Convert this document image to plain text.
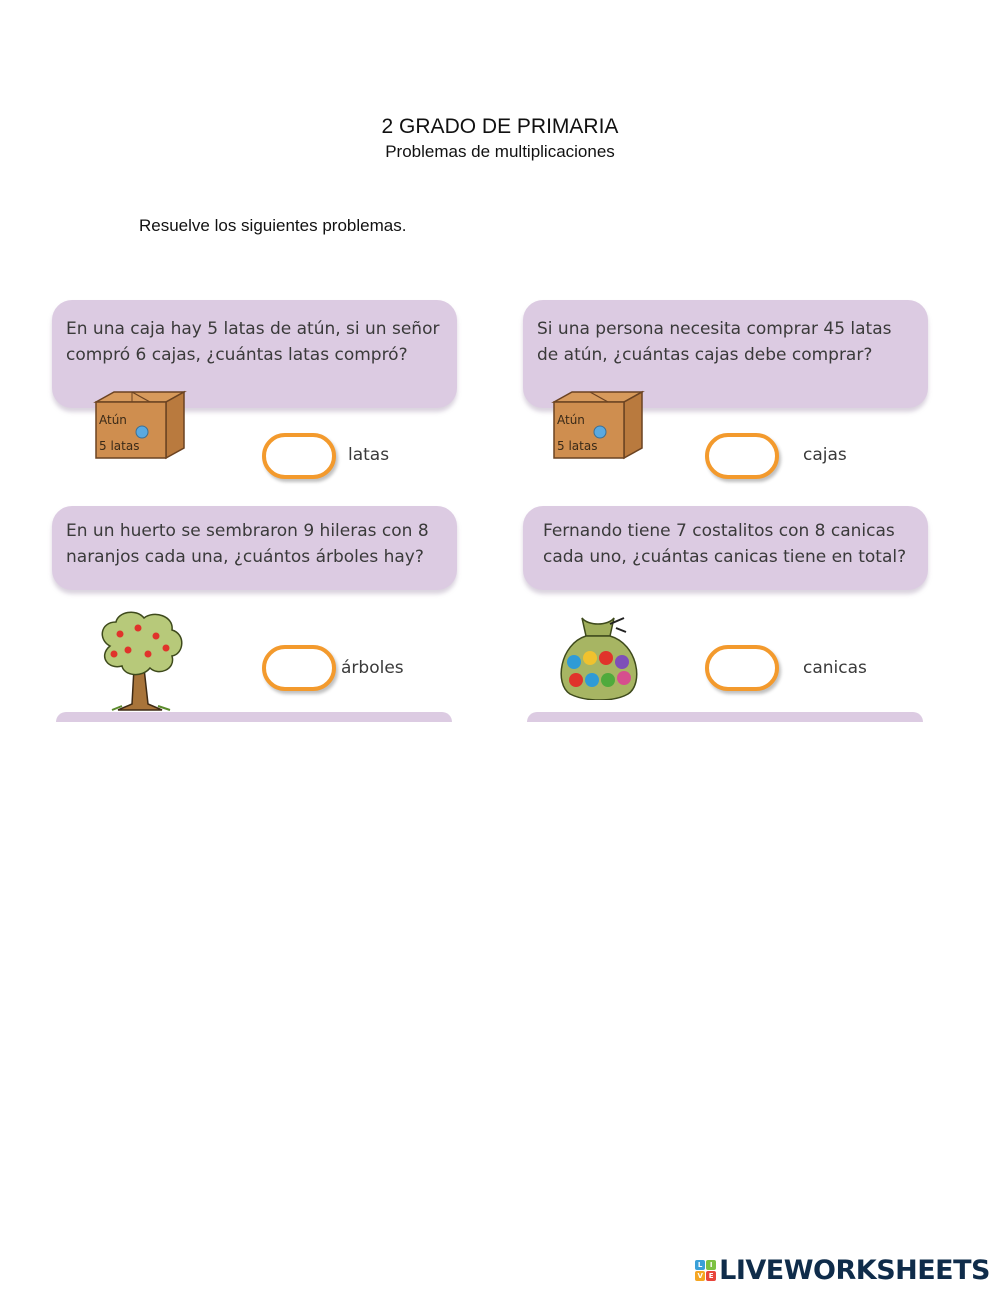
2 GRADO DE PRIMARIA
Problemas de multiplicaciones
Resuelve los siguientes problemas.
En una caja hay 5 latas de atún, si un señor
compró 6 cajas, ¿cuántas latas compró?
Atún
5 latas	latas
Si una persona necesita comprar 45 latas
de atún, ¿cuántas cajas debe comprar?
Atún
5 latas	cajas
En un huerto se sembraron 9 hileras con 8
naranjos cada una, ¿cuántos árboles hay?
árboles
Fernando tiene 7 costalitos con 8 canicas
cada uno, ¿cuántas canicas tiene en total?
canicas
L	I
V E LIVEWORKSHEETS
